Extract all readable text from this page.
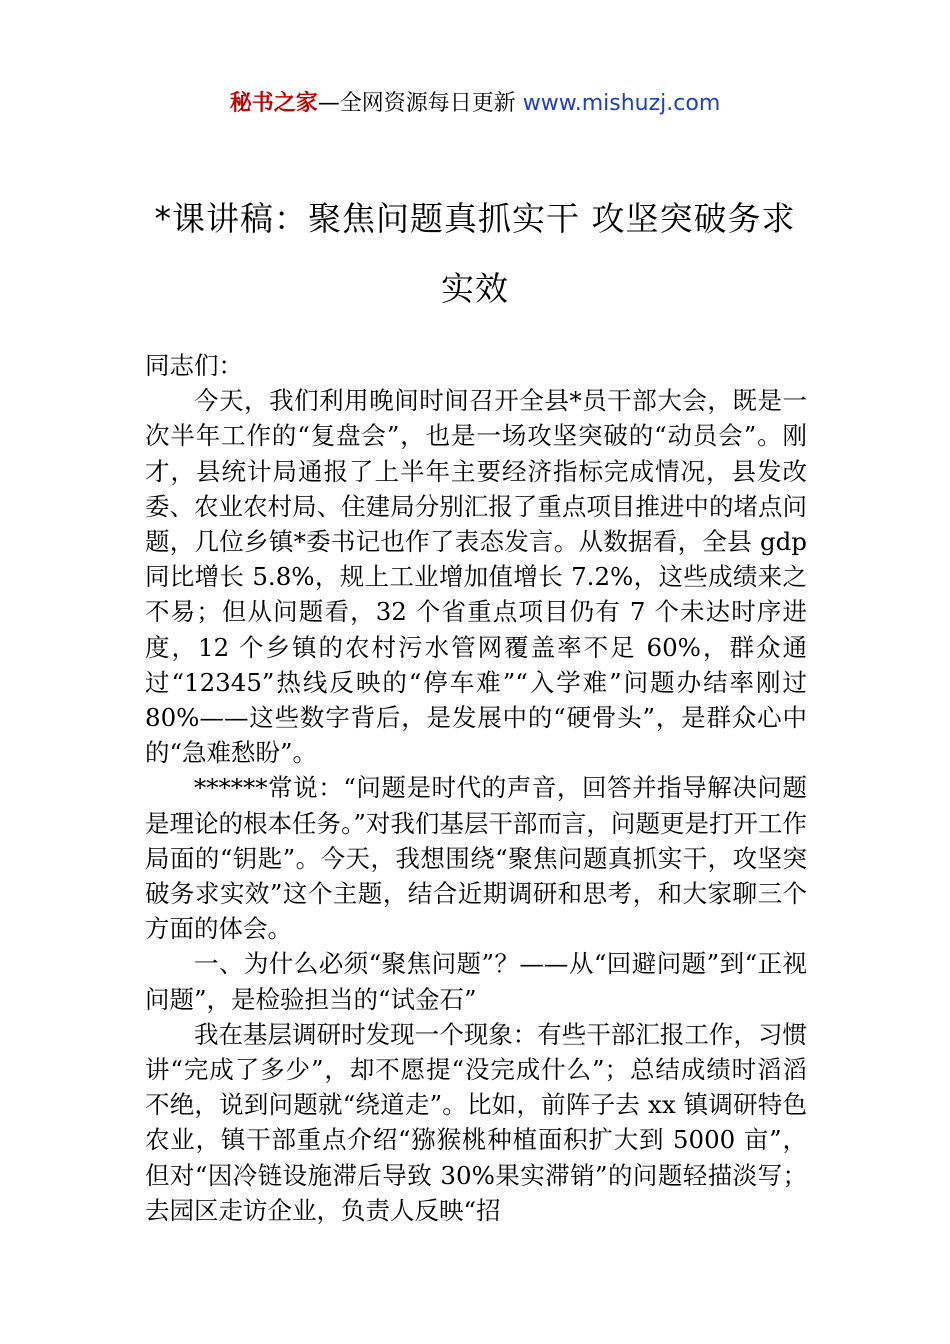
秘书之家—全网资源每日更新 www.mishuzj.com
*课讲稿：聚焦问题真抓实干 攻坚突破务求
实效

同志们：

今天，我们利用晚间时间召开全县*员干部大会，既是一次半年工作的“复盘会”，也是一场攻坚突破的“动员会”。刚才，县统计局通报了上半年主要经济指标完成情况，县发改委、农业农村局、住建局分别汇报了重点项目推进中的堵点问题，几位乡镇*委书记也作了表态发言。从数据看，全县 gdp 同比增长 5.8%，规上工业增加值增长 7.2%，这些成绩来之不易；但从问题看，32 个省重点项目仍有 7 个未达时序进度，12 个乡镇的农村污水管网覆盖率不足 60%，群众通过“12345”热线反映的“停车难”“入学难”问题办结率刚过 80%——这些数字背后，是发展中的“硬骨头”，是群众心中的“急难愁盼”。

******常说：“问题是时代的声音，回答并指导解决问题是理论的根本任务。”对我们基层干部而言，问题更是打开工作局面的“钥匙”。今天，我想围绕“聚焦问题真抓实干，攻坚突破务求实效”这个主题，结合近期调研和思考，和大家聊三个方面的体会。

一、为什么必须“聚焦问题”？——从“回避问题”到“正视问题”，是检验担当的“试金石”

我在基层调研时发现一个现象：有些干部汇报工作，习惯讲“完成了多少”，却不愿提“没完成什么”；总结成绩时滔滔不绝，说到问题就“绕道走”。比如，前阵子去 xx 镇调研特色农业，镇干部重点介绍“猕猴桃种植面积扩大到 5000 亩”，但对“因冷链设施滞后导致 30%果实滞销”的问题轻描淡写；去园区走访企业，负责人反映“招
